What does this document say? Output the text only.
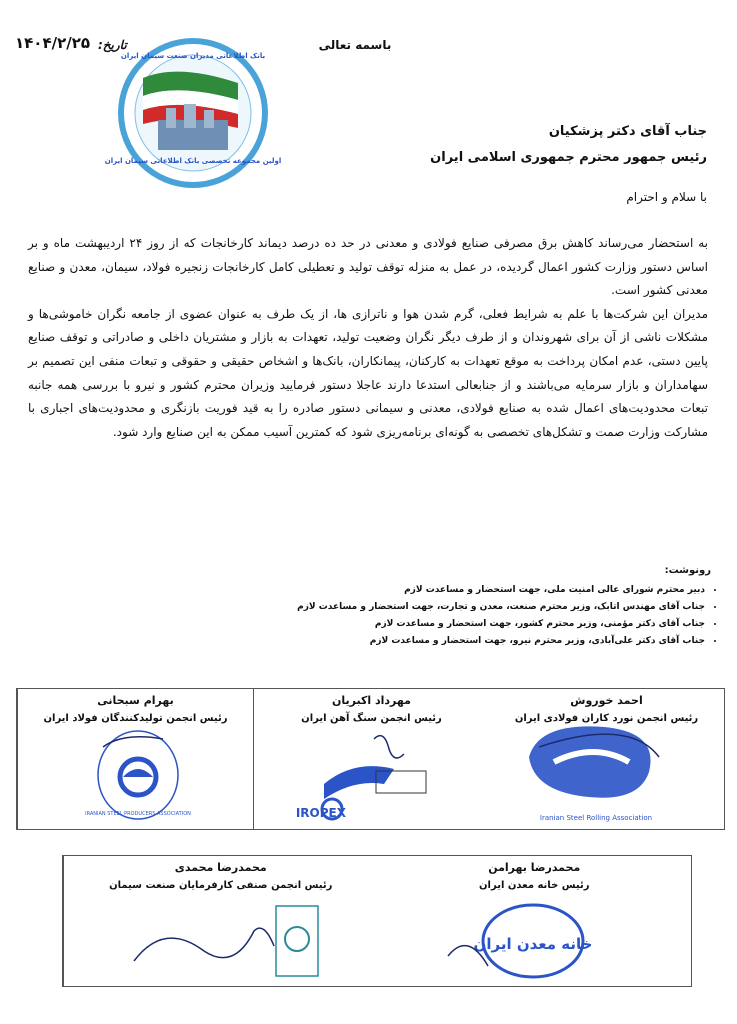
باسمه تعالی
تاریخ:
۱۴۰۴/۲/۲۵
اولین مجموعه تخصصی بانک اطلاعاتی سیمان ایران
بانک اطلاعاتی مدیران صنعت سیمان ایران
جناب آقای دکتر پزشکیان
رئیس جمهور محترم جمهوری اسلامی ایران
با سلام و احترام

به استحضار می‌رساند کاهش برق مصرفی صنایع فولادی و معدنی در حد ده درصد دیماند کارخانجات که از روز ۲۴ اردیبهشت ماه و بر اساس دستور وزارت کشور اعمال گردیده، در عمل به منزله توقف تولید و تعطیلی کامل کارخانجات زنجیره فولاد، سیمان، معدن و صنایع معدنی کشور است.

مدیران این شرکت‌ها با علم به شرایط فعلی، گرم شدن هوا و ناترازی ها، از یک طرف به عنوان عضوی از جامعه نگران خاموشی‌ها و مشکلات ناشی از آن برای شهروندان و از طرف دیگر نگران وضعیت تولید، تعهدات به بازار و مشتریان داخلی و صادراتی و توقف صنایع پایین دستی، عدم امکان پرداخت به موقع تعهدات به کارکنان، پیمانکاران، بانک‌ها و اشخاص حقیقی و حقوقی و تبعات منفی این تصمیم بر سهامداران و بازار سرمایه می‌باشند و از جنابعالی استدعا دارند عاجلا دستور فرمایید وزیران محترم کشور و نیرو با بررسی همه جانبه تبعات محدودیت‌های اعمال شده به صنایع فولادی، معدنی و سیمانی دستور صادره را به قید فوریت بازنگری و محدودیت‌های اجباری با مشارکت وزارت صمت و تشکل‌های تخصصی به گونه‌ای برنامه‌ریزی شود که کمترین آسیب ممکن به این صنایع وارد شود.

رونوشت:
• دبیر محترم شورای عالی امنیت ملی، جهت استحضار و مساعدت لازم
• جناب آقای مهندس اتابک، وزیر محترم صنعت، معدن و تجارت، جهت استحضار و مساعدت لازم
• جناب آقای دکتر مؤمنی، وزیر محترم کشور، جهت استحضار و مساعدت لازم
• جناب آقای دکتر علی‌آبادی، وزیر محترم نیرو، جهت استحضار و مساعدت لازم
بهرام سبحانی
رئیس انجمن تولیدکنندگان فولاد ایران
IRANIAN STEEL PRODUCERS ASSOCIATION
مهرداد اکبریان
رئیس انجمن سنگ آهن ایران
IROPEX
احمد خوروش
رئیس انجمن نورد کاران فولادی ایران
Iranian Steel Rolling Association
محمدرضا محمدی
رئیس انجمن صنفی کارفرمایان صنعت سیمان
محمدرضا بهرامن
رئیس خانه معدن ایران
خانه معدن ایران
